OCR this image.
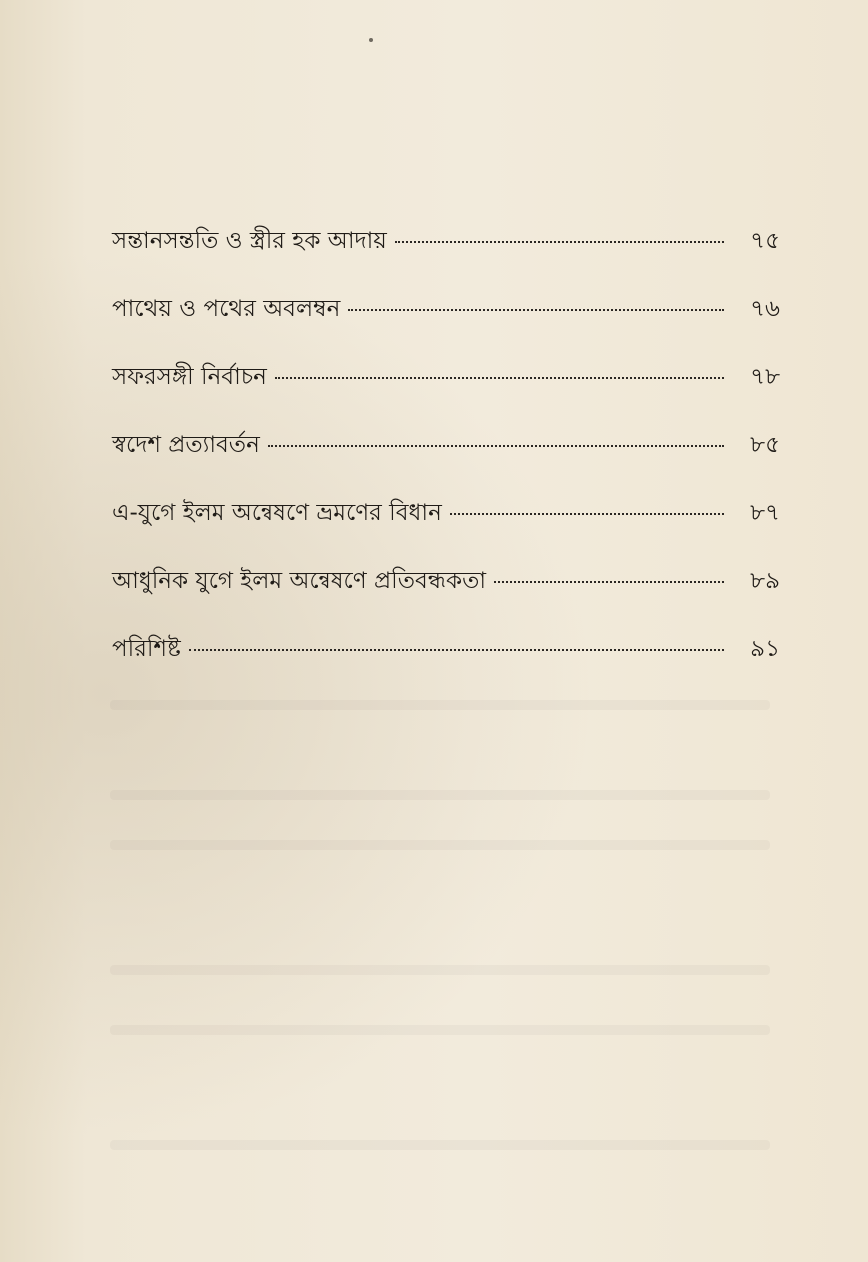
সন্তানসন্ততি ও স্ত্রীর হক আদায়	৭৫
পাথেয় ও পথের অবলম্বন	৭৬
সফরসঙ্গী নির্বাচন	৭৮
স্বদেশ প্রত্যাবর্তন	৮৫
এ-যুগে ইলম অন্বেষণে ভ্রমণের বিধান	৮৭
আধুনিক যুগে ইলম অন্বেষণে প্রতিবন্ধকতা	৮৯
পরিশিষ্ট	৯১
